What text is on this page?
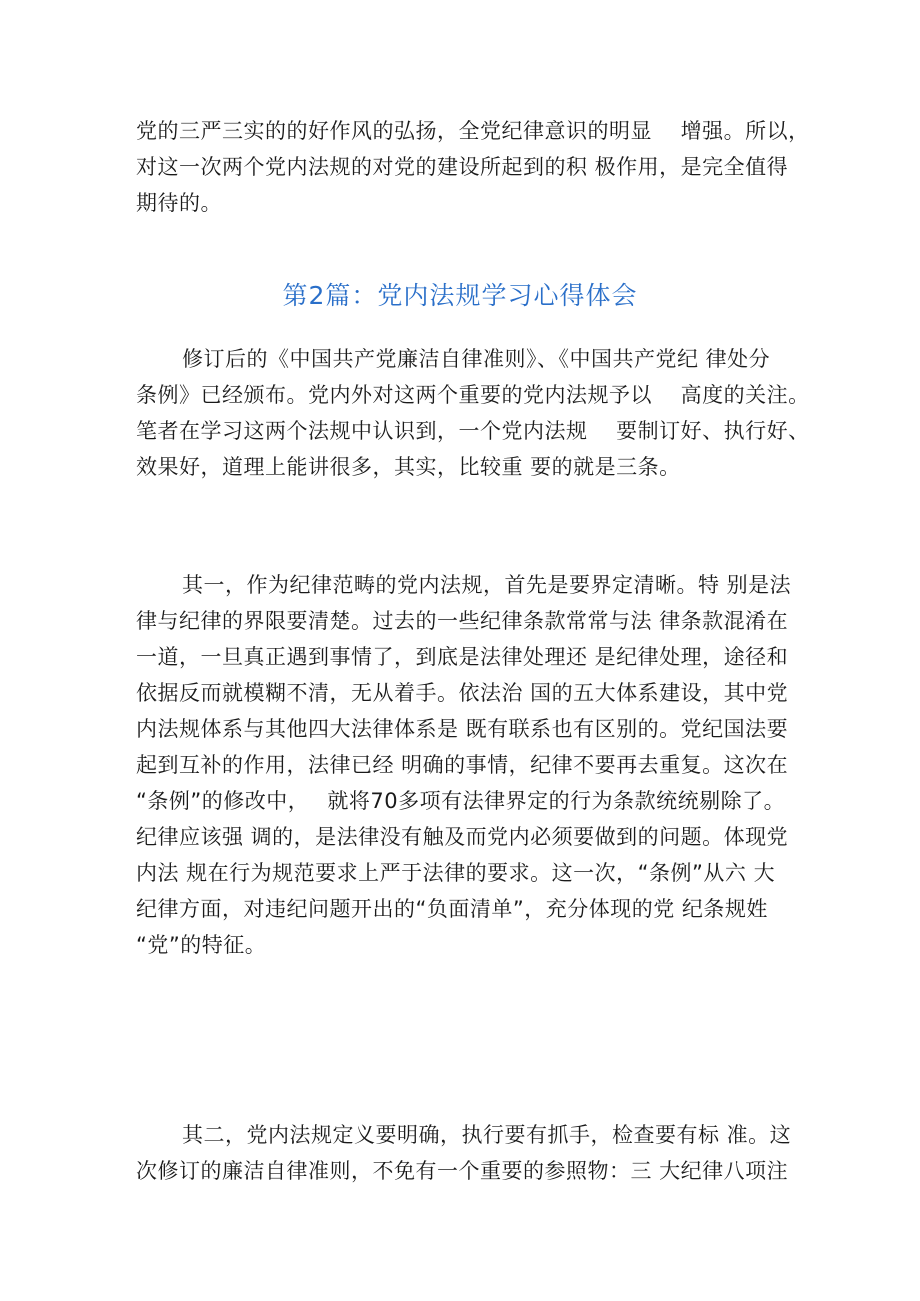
党的三严三实的的好作风的弘扬，全党纪律意识的明显　 增强。所以，
对这一次两个党内法规的对党的建设所起到的积 极作用，是完全值得
期待的。
第2篇：党内法规学习心得体会
修订后的《中国共产党廉洁自律准则》、《中国共产党纪 律处分
条例》已经颁布。党内外对这两个重要的党内法规予以　 高度的关注。
笔者在学习这两个法规中认识到，一个党内法规　 要制订好、执行好、
效果好，道理上能讲很多，其实，比较重 要的就是三条。
其一，作为纪律范畴的党内法规，首先是要界定清晰。特 别是法
律与纪律的界限要清楚。过去的一些纪律条款常常与法 律条款混淆在
一道，一旦真正遇到事情了，到底是法律处理还 是纪律处理，途径和
依据反而就模糊不清，无从着手。依法治 国的五大体系建设，其中党
内法规体系与其他四大法律体系是 既有联系也有区别的。党纪国法要
起到互补的作用，法律已经 明确的事情，纪律不要再去重复。这次在
“条例”的修改中，　 就将70多项有法律界定的行为条款统统剔除了。
纪律应该强 调的，是法律没有触及而党内必须要做到的问题。体现党
内法 规在行为规范要求上严于法律的要求。这一次，“条例”从六 大
纪律方面，对违纪问题开出的“负面清单”，充分体现的党 纪条规姓
“党”的特征。
其二，党内法规定义要明确，执行要有抓手，检查要有标 准。这
次修订的廉洁自律准则，不免有一个重要的参照物：三 大纪律八项注
